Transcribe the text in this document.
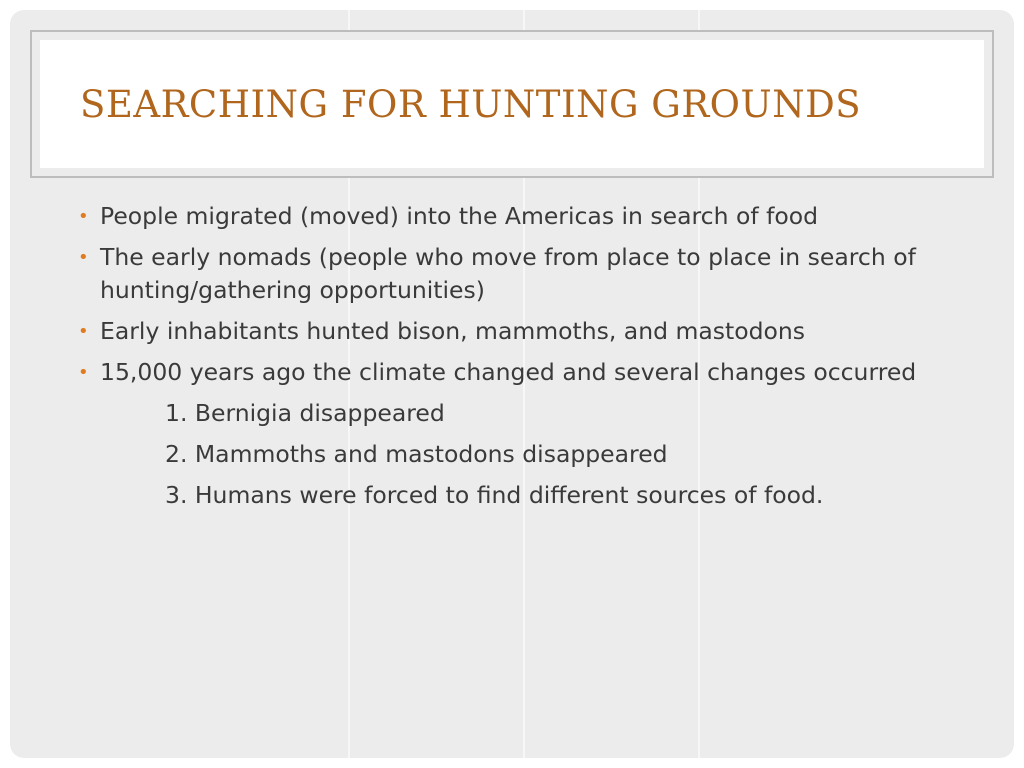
SEARCHING FOR HUNTING GROUNDS
• People migrated (moved) into the Americas in search of food
• The early nomads (people who move from place to place in search of hunting/gathering opportunities)
• Early inhabitants hunted bison, mammoths, and mastodons
• 15,000 years ago the climate changed and several changes occurred
1. Bernigia disappeared
2. Mammoths and mastodons disappeared
3. Humans were forced to find different sources of food.
